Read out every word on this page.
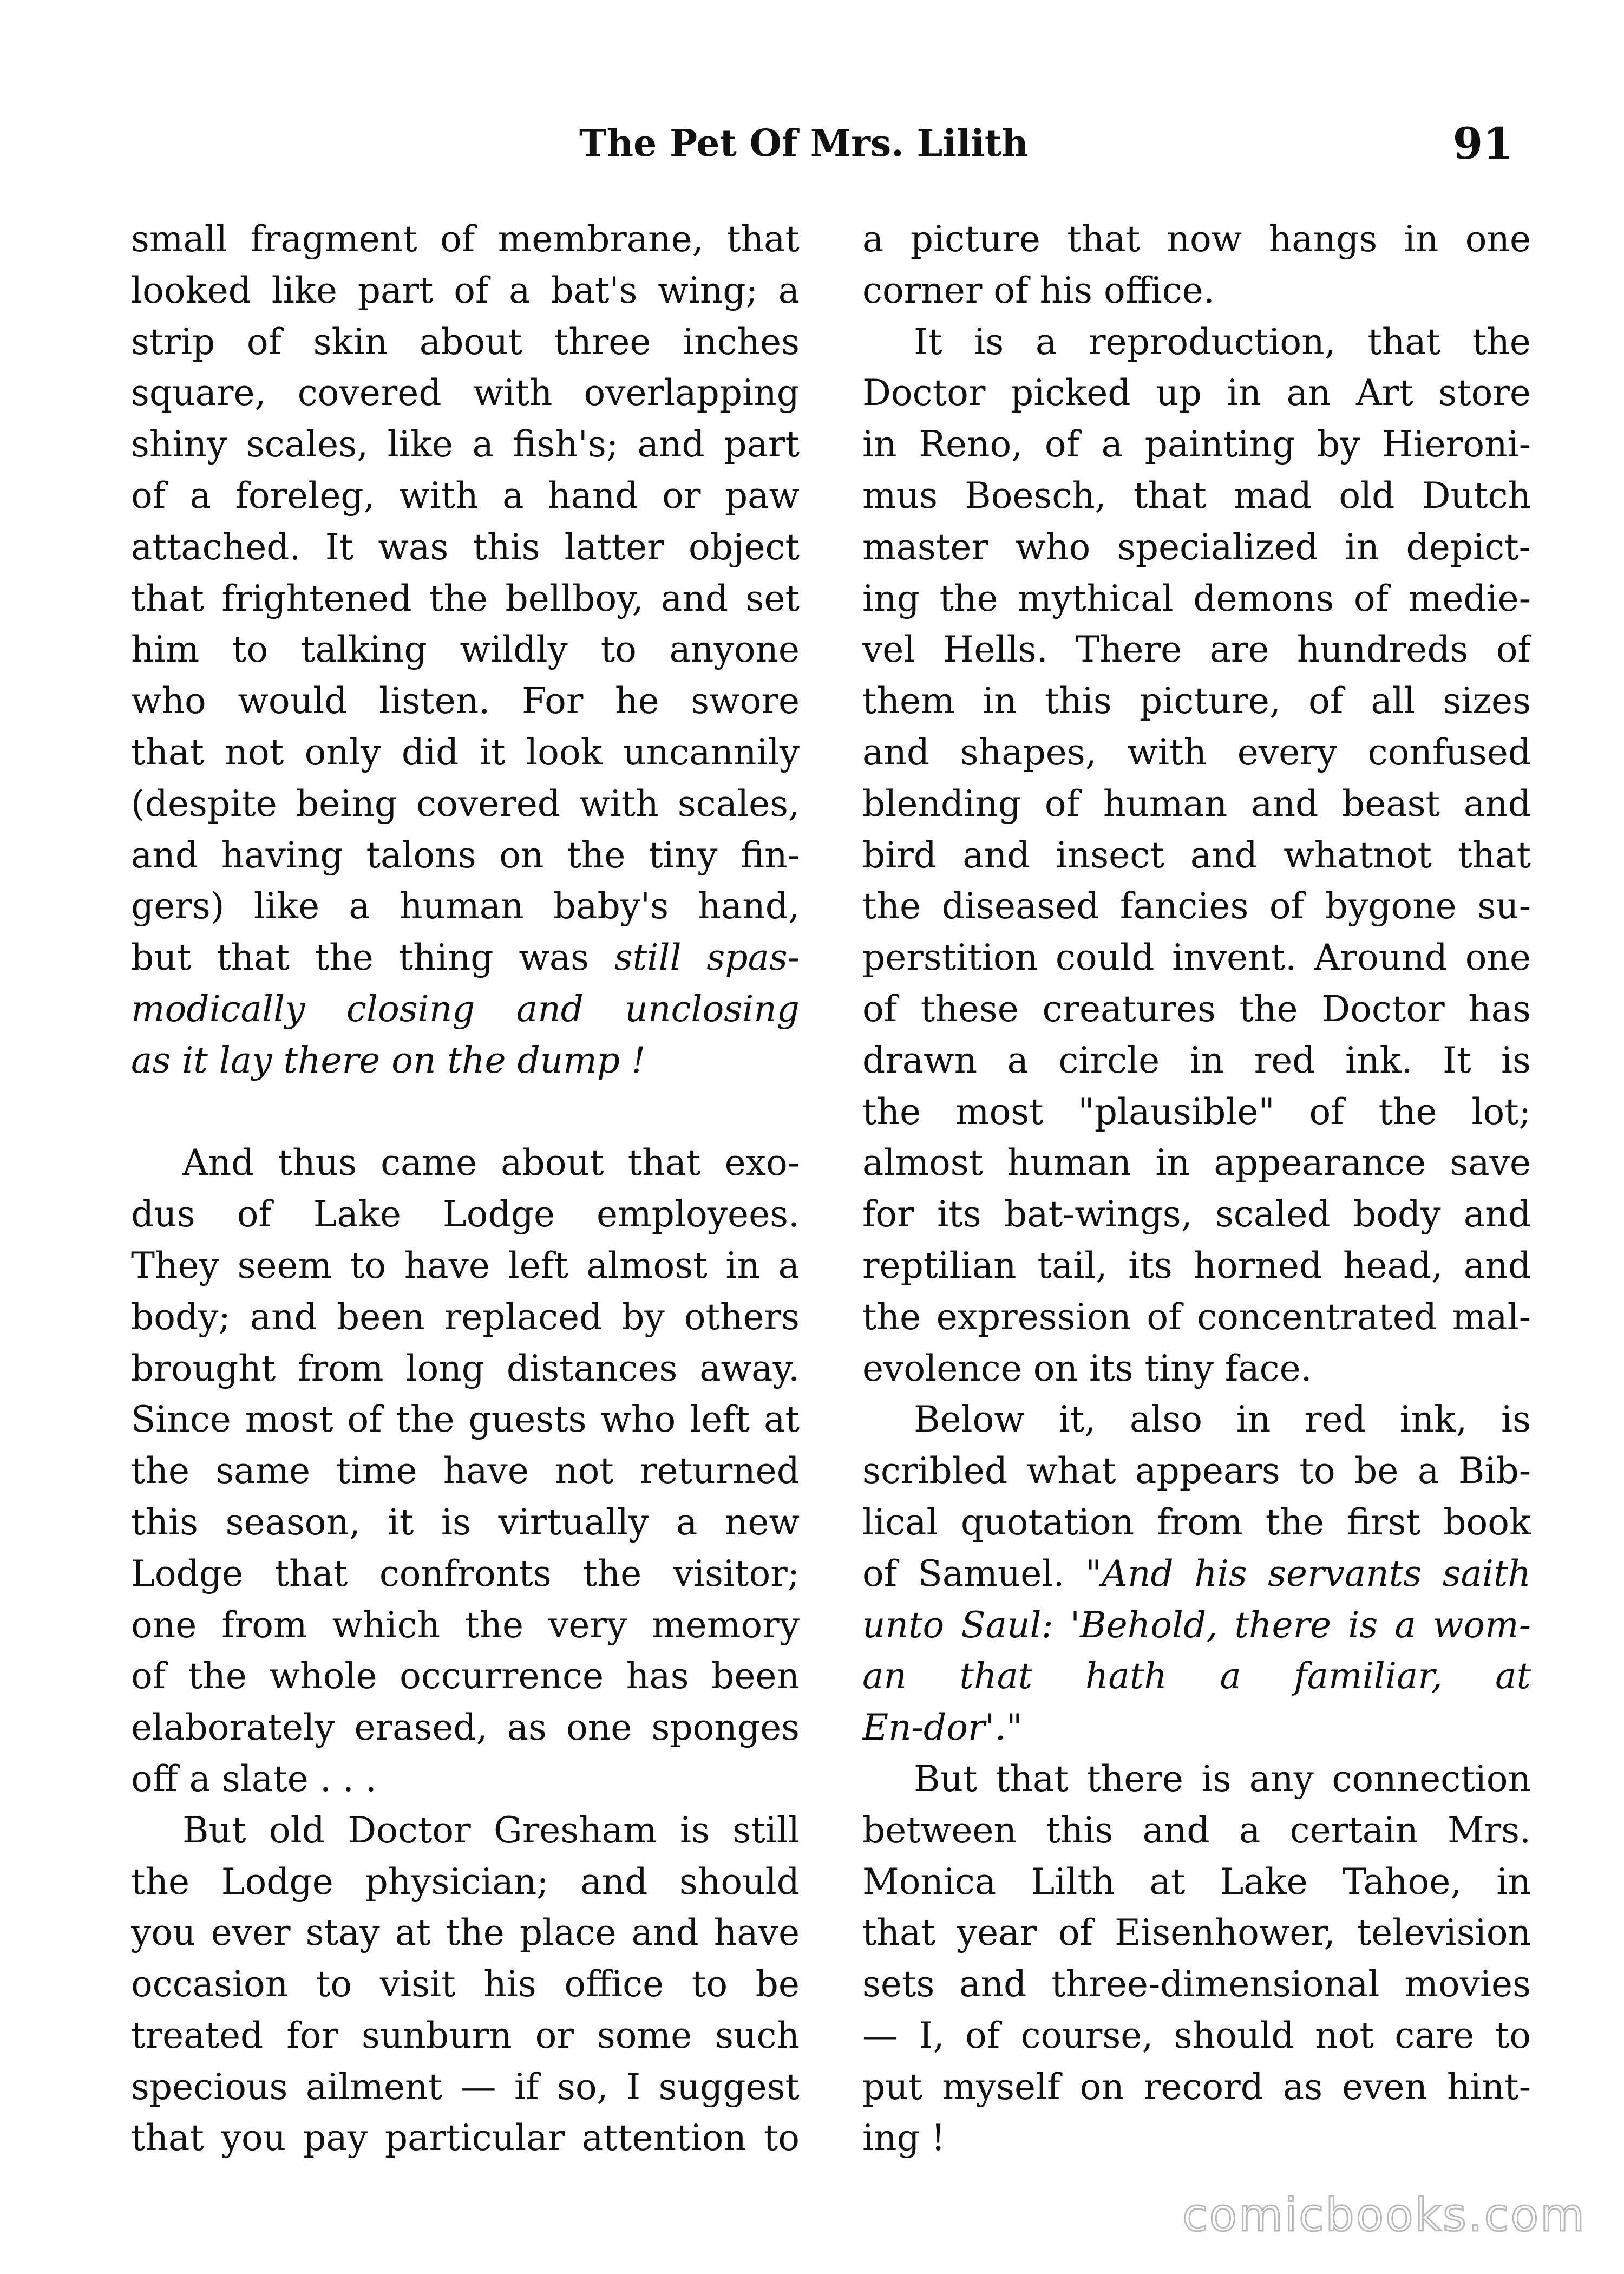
The Pet Of Mrs. Lilith	91
small fragment of membrane, that
looked like part of a bat's wing; a
strip of skin about three inches
square, covered with overlapping
shiny scales, like a fish's; and part
of a foreleg, with a hand or paw
attached. It was this latter object
that frightened the bellboy, and set
him to talking wildly to anyone
who would listen. For he swore
that not only did it look uncannily
(despite being covered with scales,
and having talons on the tiny fin-
gers) like a human baby's hand,
but that the thing was still spas-
modically closing and unclosing
as it lay there on the dump !
And thus came about that exo-
dus of Lake Lodge employees.
They seem to have left almost in a
body; and been replaced by others
brought from long distances away.
Since most of the guests who left at
the same time have not returned
this season, it is virtually a new
Lodge that confronts the visitor;
one from which the very memory
of the whole occurrence has been
elaborately erased, as one sponges
off a slate . . .
But old Doctor Gresham is still
the Lodge physician; and should
you ever stay at the place and have
occasion to visit his office to be
treated for sunburn or some such
specious ailment — if so, I suggest
that you pay particular attention to
a picture that now hangs in one
corner of his office.
It is a reproduction, that the
Doctor picked up in an Art store
in Reno, of a painting by Hieroni-
mus Boesch, that mad old Dutch
master who specialized in depict-
ing the mythical demons of medie-
vel Hells. There are hundreds of
them in this picture, of all sizes
and shapes, with every confused
blending of human and beast and
bird and insect and whatnot that
the diseased fancies of bygone su-
perstition could invent. Around one
of these creatures the Doctor has
drawn a circle in red ink. It is
the most "plausible" of the lot;
almost human in appearance save
for its bat-wings, scaled body and
reptilian tail, its horned head, and
the expression of concentrated mal-
evolence on its tiny face.
Below it, also in red ink, is
scribled what appears to be a Bib-
lical quotation from the first book
of Samuel. "And his servants saith
unto Saul: 'Behold, there is a wom-
an that hath a familiar, at
En-dor'."
But that there is any connection
between this and a certain Mrs.
Monica Lilth at Lake Tahoe, in
that year of Eisenhower, television
sets and three-dimensional movies
— I, of course, should not care to
put myself on record as even hint-
ing !
comicbooks.com
